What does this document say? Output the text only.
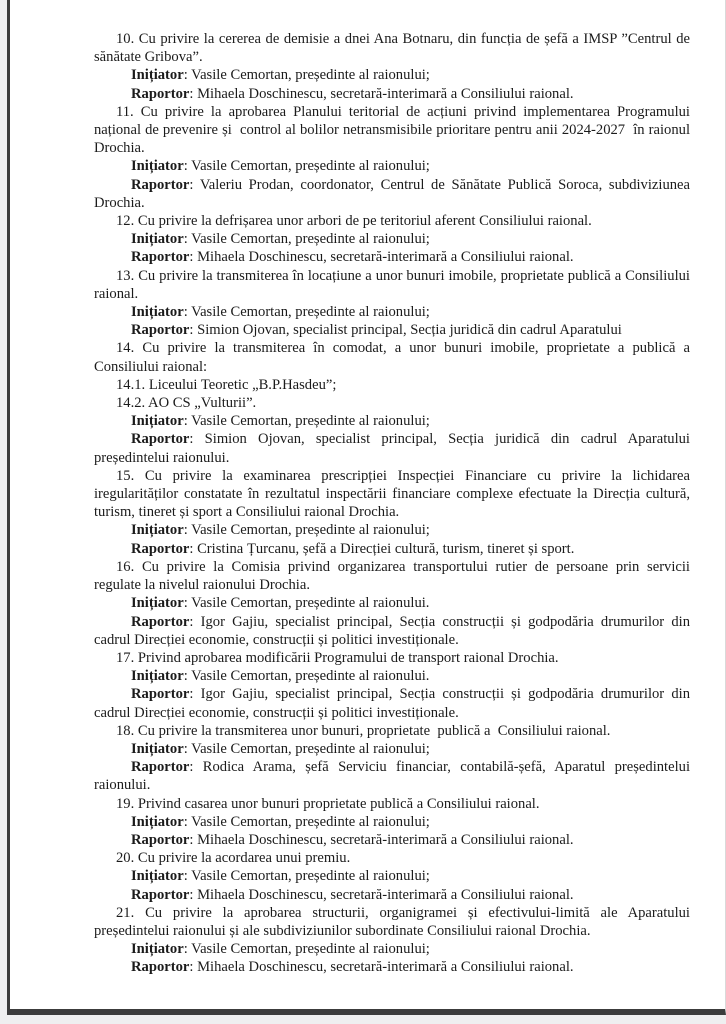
10. Cu privire la cererea de demisie a dnei Ana Botnaru, din funcția de șefă a IMSP ”Centrul de sănătate Gribova”.

Inițiator: Vasile Cemortan, președinte al raionului;

Raportor: Mihaela Doschinescu, secretară-interimară a Consiliului raional.

11. Cu privire la aprobarea Planului teritorial de acțiuni privind implementarea Programului național de prevenire și  control al bolilor netransmisibile prioritare pentru anii 2024-2027  în raionul Drochia.

Inițiator: Vasile Cemortan, președinte al raionului;

Raportor: Valeriu Prodan, coordonator, Centrul de Sănătate Publică Soroca, subdiviziunea Drochia.

12. Cu privire la defrișarea unor arbori de pe teritoriul aferent Consiliului raional.

Inițiator: Vasile Cemortan, președinte al raionului;

Raportor: Mihaela Doschinescu, secretară-interimară a Consiliului raional.

13. Cu privire la transmiterea în locațiune a unor bunuri imobile, proprietate publică a Consiliului raional.

Inițiator: Vasile Cemortan, președinte al raionului;

Raportor: Simion Ojovan, specialist principal, Secția juridică din cadrul Aparatului

14. Cu privire la transmiterea în comodat, a unor bunuri imobile, proprietate a publică a Consiliului raional:

14.1. Liceului Teoretic „B.P.Hasdeu”;

14.2. AO CS „Vulturii”.

Inițiator: Vasile Cemortan, președinte al raionului;

Raportor: Simion Ojovan, specialist principal, Secția juridică din cadrul Aparatului președintelui raionului.

15. Cu privire la examinarea prescripției Inspecției Financiare cu privire la lichidarea iregularităților constatate în rezultatul inspectării financiare complexe efectuate la Direcția cultură, turism, tineret și sport a Consiliului raional Drochia.

Inițiator: Vasile Cemortan, președinte al raionului;

Raportor: Cristina Țurcanu, șefă a Direcției cultură, turism, tineret și sport.

16. Cu privire la Comisia privind organizarea transportului rutier de persoane prin servicii regulate la nivelul raionului Drochia.

Inițiator: Vasile Cemortan, președinte al raionului.

Raportor: Igor Gajiu, specialist principal, Secția construcții și godpodăria drumurilor din cadrul Direcției economie, construcții și politici investiționale.

17. Privind aprobarea modificării Programului de transport raional Drochia.

Inițiator: Vasile Cemortan, președinte al raionului.

Raportor: Igor Gajiu, specialist principal, Secția construcții și godpodăria drumurilor din cadrul Direcției economie, construcții și politici investiționale.

18. Cu privire la transmiterea unor bunuri, proprietate  publică a  Consiliului raional.

Inițiator: Vasile Cemortan, președinte al raionului;

Raportor: Rodica Arama, șefă Serviciu financiar, contabilă-șefă, Aparatul președintelui raionului.

19. Privind casarea unor bunuri proprietate publică a Consiliului raional.

Inițiator: Vasile Cemortan, președinte al raionului;

Raportor: Mihaela Doschinescu, secretară-interimară a Consiliului raional.

20. Cu privire la acordarea unui premiu.

Inițiator: Vasile Cemortan, președinte al raionului;

Raportor: Mihaela Doschinescu, secretară-interimară a Consiliului raional.

21. Cu privire la aprobarea structurii, organigramei și efectivului-limită ale Aparatului președintelui raionului și ale subdiviziunilor subordinate Consiliului raional Drochia.

Inițiator: Vasile Cemortan, președinte al raionului;

Raportor: Mihaela Doschinescu, secretară-interimară a Consiliului raional.
